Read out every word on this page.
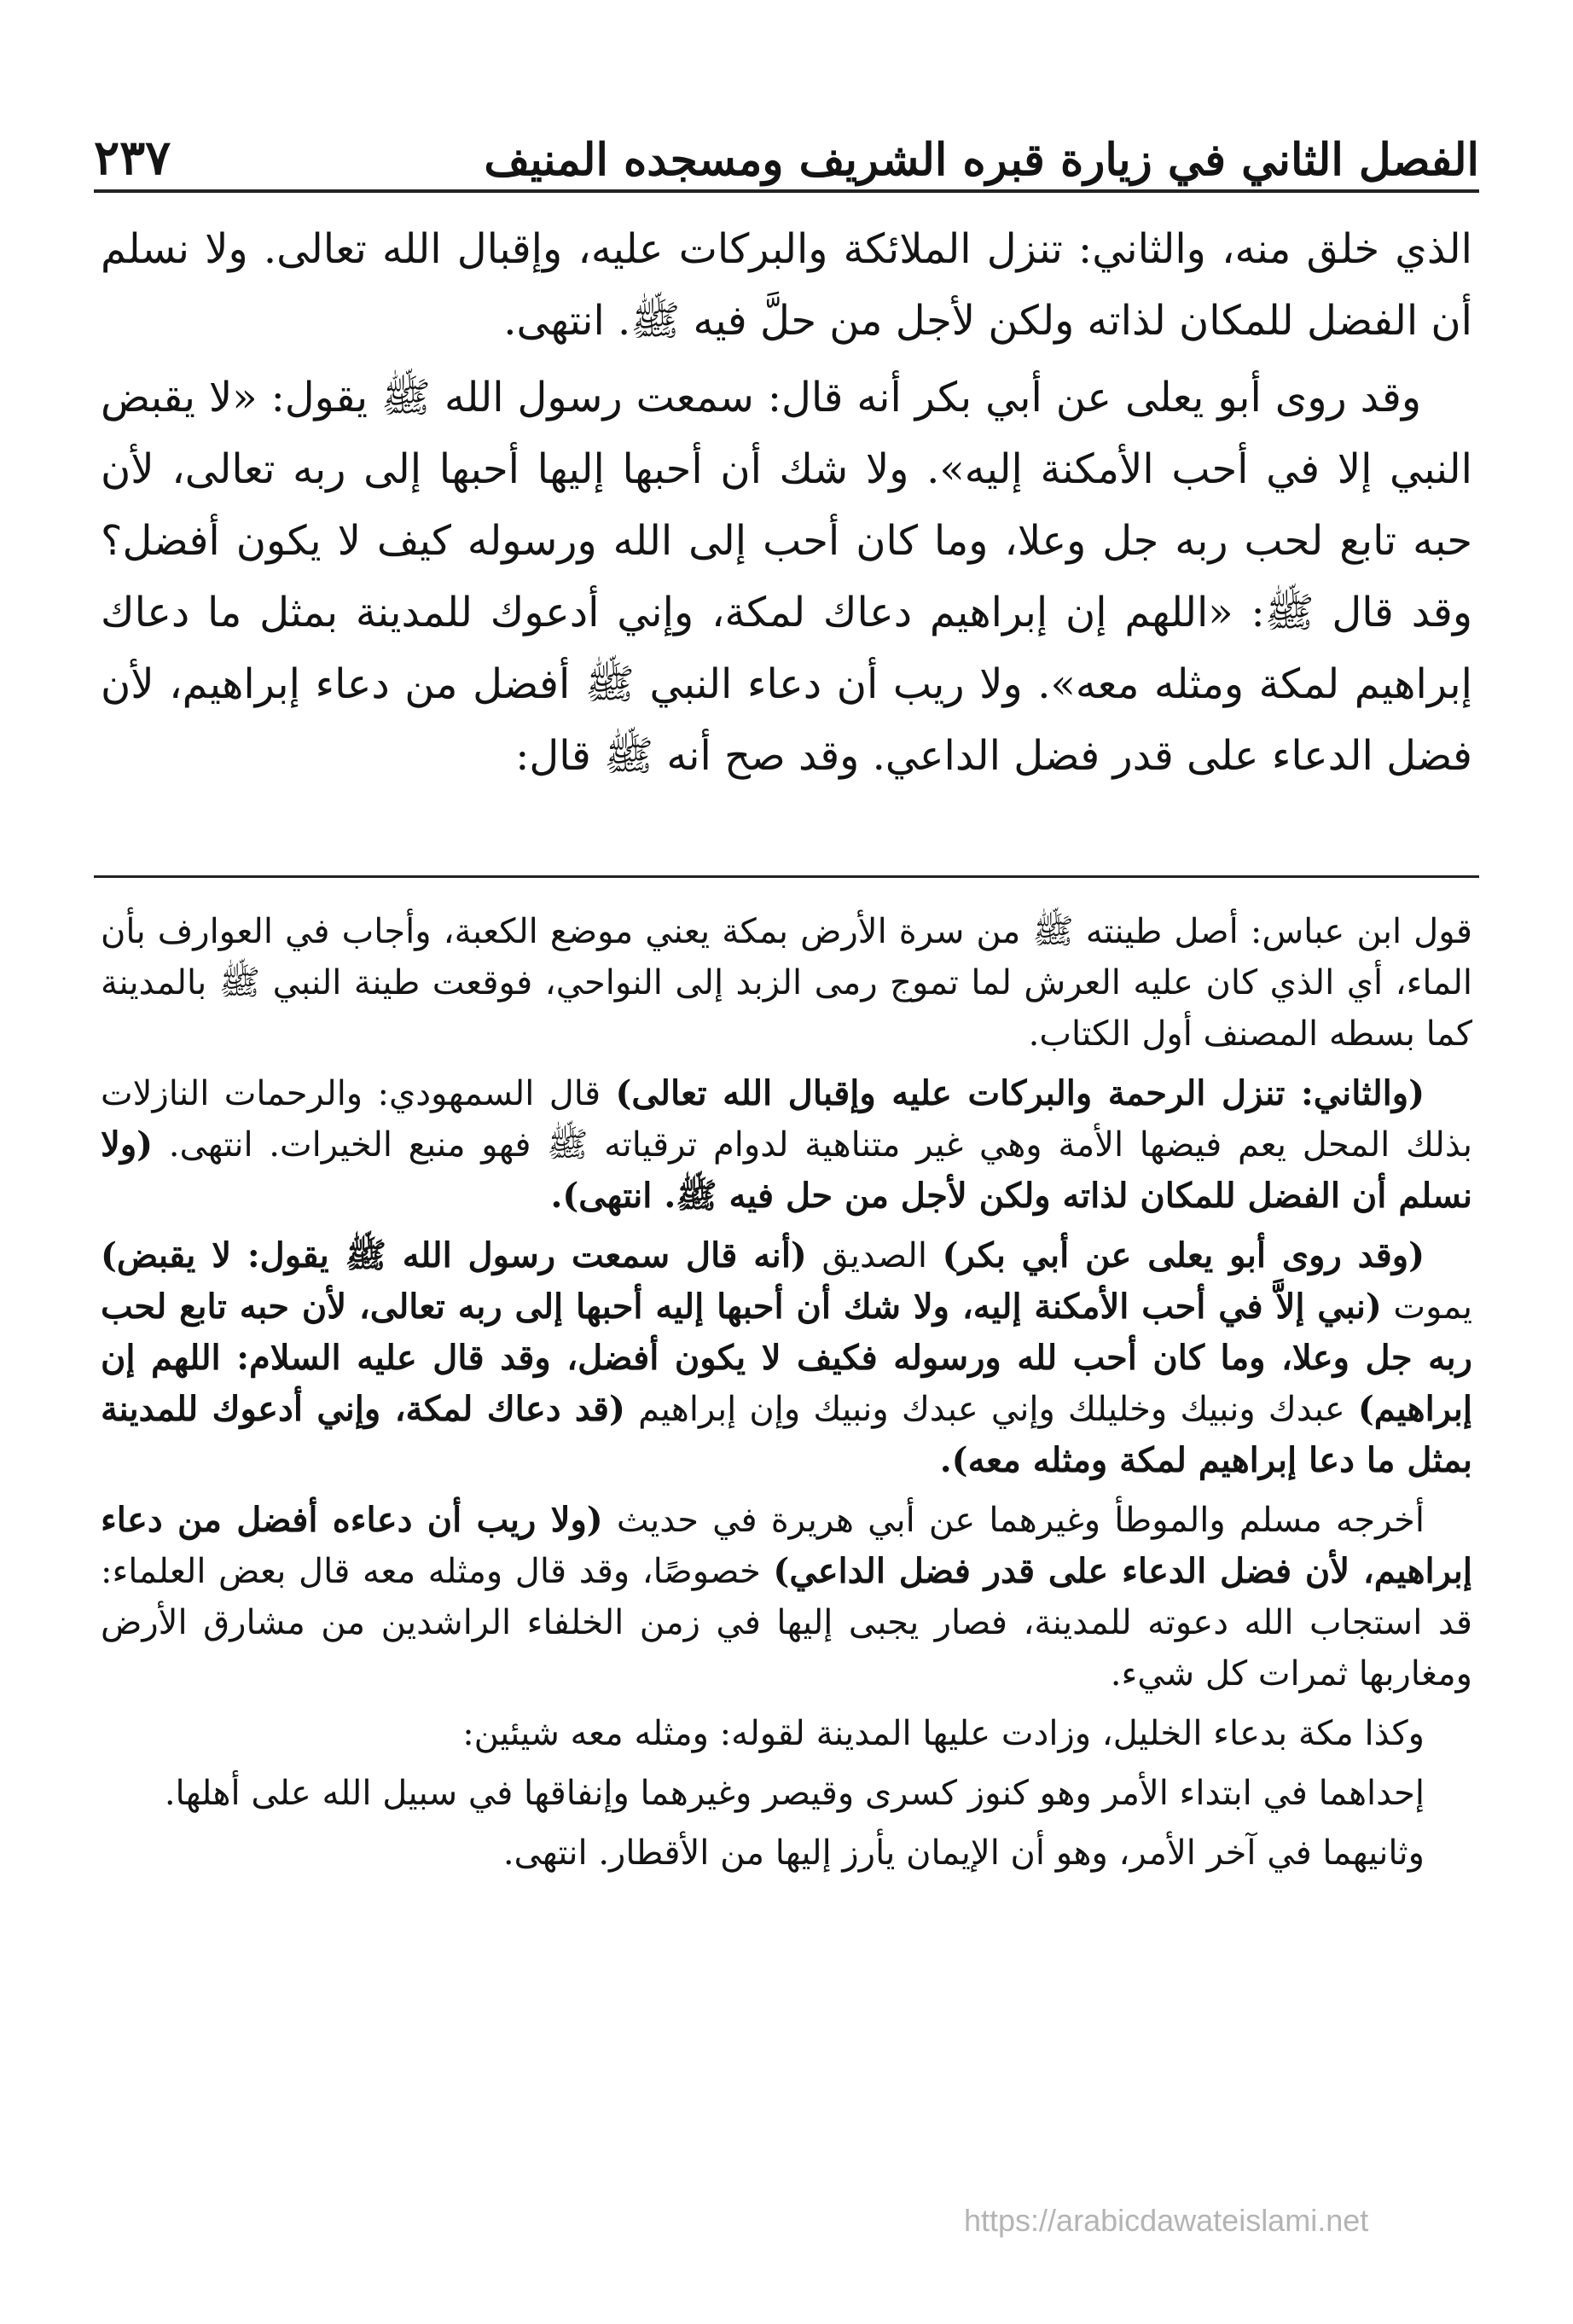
الفصل الثاني في زيارة قبره الشريف ومسجده المنيف
٢٣٧

الذي خلق منه، والثاني: تنزل الملائكة والبركات عليه، وإقبال الله تعالى. ولا نسلم أن الفضل للمكان لذاته ولكن لأجل من حلَّ فيه ﷺ. انتهى.

وقد روى أبو يعلى عن أبي بكر أنه قال: سمعت رسول الله ﷺ يقول: «لا يقبض النبي إلا في أحب الأمكنة إليه». ولا شك أن أحبها إليها أحبها إلى ربه تعالى، لأن حبه تابع لحب ربه جل وعلا، وما كان أحب إلى الله ورسوله كيف لا يكون أفضل؟ وقد قال ﷺ: «اللهم إن إبراهيم دعاك لمكة، وإني أدعوك للمدينة بمثل ما دعاك إبراهيم لمكة ومثله معه». ولا ريب أن دعاء النبي ﷺ أفضل من دعاء إبراهيم، لأن فضل الدعاء على قدر فضل الداعي. وقد صح أنه ﷺ قال:

قول ابن عباس: أصل طينته ﷺ من سرة الأرض بمكة يعني موضع الكعبة، وأجاب في العوارف بأن الماء، أي الذي كان عليه العرش لما تموج رمى الزبد إلى النواحي، فوقعت طينة النبي ﷺ بالمدينة كما بسطه المصنف أول الكتاب.

(والثاني: تنزل الرحمة والبركات عليه وإقبال الله تعالى) قال السمهودي: والرحمات النازلات بذلك المحل يعم فيضها الأمة وهي غير متناهية لدوام ترقياته ﷺ فهو منبع الخيرات. انتهى. (ولا نسلم أن الفضل للمكان لذاته ولكن لأجل من حل فيه ﷺ. انتهى).

(وقد روى أبو يعلى عن أبي بكر) الصديق (أنه قال سمعت رسول الله ﷺ يقول: لا يقبض) يموت (نبي إلاَّ في أحب الأمكنة إليه، ولا شك أن أحبها إليه أحبها إلى ربه تعالى، لأن حبه تابع لحب ربه جل وعلا، وما كان أحب لله ورسوله فكيف لا يكون أفضل، وقد قال عليه السلام: اللهم إن إبراهيم) عبدك ونبيك وخليلك وإني عبدك ونبيك وإن إبراهيم (قد دعاك لمكة، وإني أدعوك للمدينة بمثل ما دعا إبراهيم لمكة ومثله معه).

أخرجه مسلم والموطأ وغيرهما عن أبي هريرة في حديث (ولا ريب أن دعاءه أفضل من دعاء إبراهيم، لأن فضل الدعاء على قدر فضل الداعي) خصوصًا، وقد قال ومثله معه قال بعض العلماء: قد استجاب الله دعوته للمدينة، فصار يجبى إليها في زمن الخلفاء الراشدين من مشارق الأرض ومغاربها ثمرات كل شيء.

وكذا مكة بدعاء الخليل، وزادت عليها المدينة لقوله: ومثله معه شيئين:

إحداهما في ابتداء الأمر وهو كنوز كسرى وقيصر وغيرهما وإنفاقها في سبيل الله على أهلها.

وثانيهما في آخر الأمر، وهو أن الإيمان يأرز إليها من الأقطار. انتهى.

https://arabicdawateislami.net
